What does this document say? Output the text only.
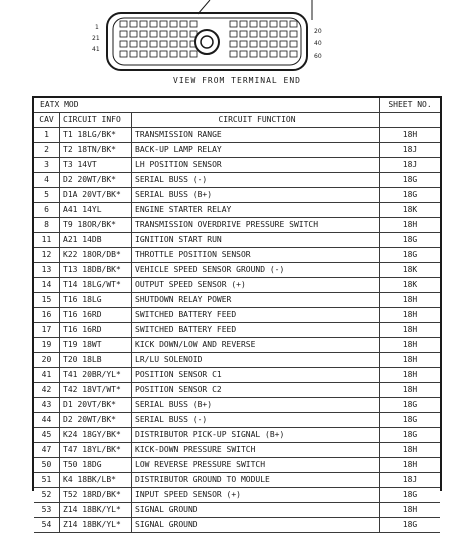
1
21
41
20
40
60
VIEW FROM TERMINAL END
EATX MOD	SHEET NO.
CAV	CIRCUIT INFO	CIRCUIT FUNCTION
1	T1 18LG/BK*	TRANSMISSION RANGE	18H
2	T2 18TN/BK*	BACK-UP LAMP RELAY	18J
3	T3 14VT	LH POSITION SENSOR	18J
4	D2 20WT/BK*	SERIAL BUSS (-)	18G
5	D1A 20VT/BK*	SERIAL BUSS (B+)	18G
6	A41 14YL	ENGINE STARTER RELAY	18K
8	T9 18OR/BK*	TRANSMISSION OVERDRIVE PRESSURE SWITCH	18H
11	A21 14DB	IGNITION START RUN	18G
12	K22 18OR/DB*	THROTTLE POSITION SENSOR	18G
13	T13 18DB/BK*	VEHICLE SPEED SENSOR GROUND (-)	18K
14	T14 18LG/WT*	OUTPUT SPEED SENSOR (+)	18K
15	T16 18LG	SHUTDOWN RELAY POWER	18H
16	T16 16RD	SWITCHED BATTERY FEED	18H
17	T16 16RD	SWITCHED BATTERY FEED	18H
19	T19 18WT	KICK DOWN/LOW AND REVERSE	18H
20	T20 18LB	LR/LU SOLENOID	18H
41	T41 20BR/YL*	POSITION SENSOR C1	18H
42	T42 18VT/WT*	POSITION SENSOR C2	18H
43	D1 20VT/BK*	SERIAL BUSS (B+)	18G
44	D2 20WT/BK*	SERIAL BUSS (-)	18G
45	K24 18GY/BK*	DISTRIBUTOR PICK-UP SIGNAL (B+)	18G
47	T47 18YL/BK*	KICK-DOWN PRESSURE SWITCH	18H
50	T50 18DG	LOW REVERSE PRESSURE SWITCH	18H
51	K4 18BK/LB*	DISTRIBUTOR GROUND TO MODULE	18J
52	T52 18RD/BK*	INPUT SPEED SENSOR (+)	18G
53	Z14 18BK/YL*	SIGNAL GROUND	18H
54	Z14 18BK/YL*	SIGNAL GROUND	18G
